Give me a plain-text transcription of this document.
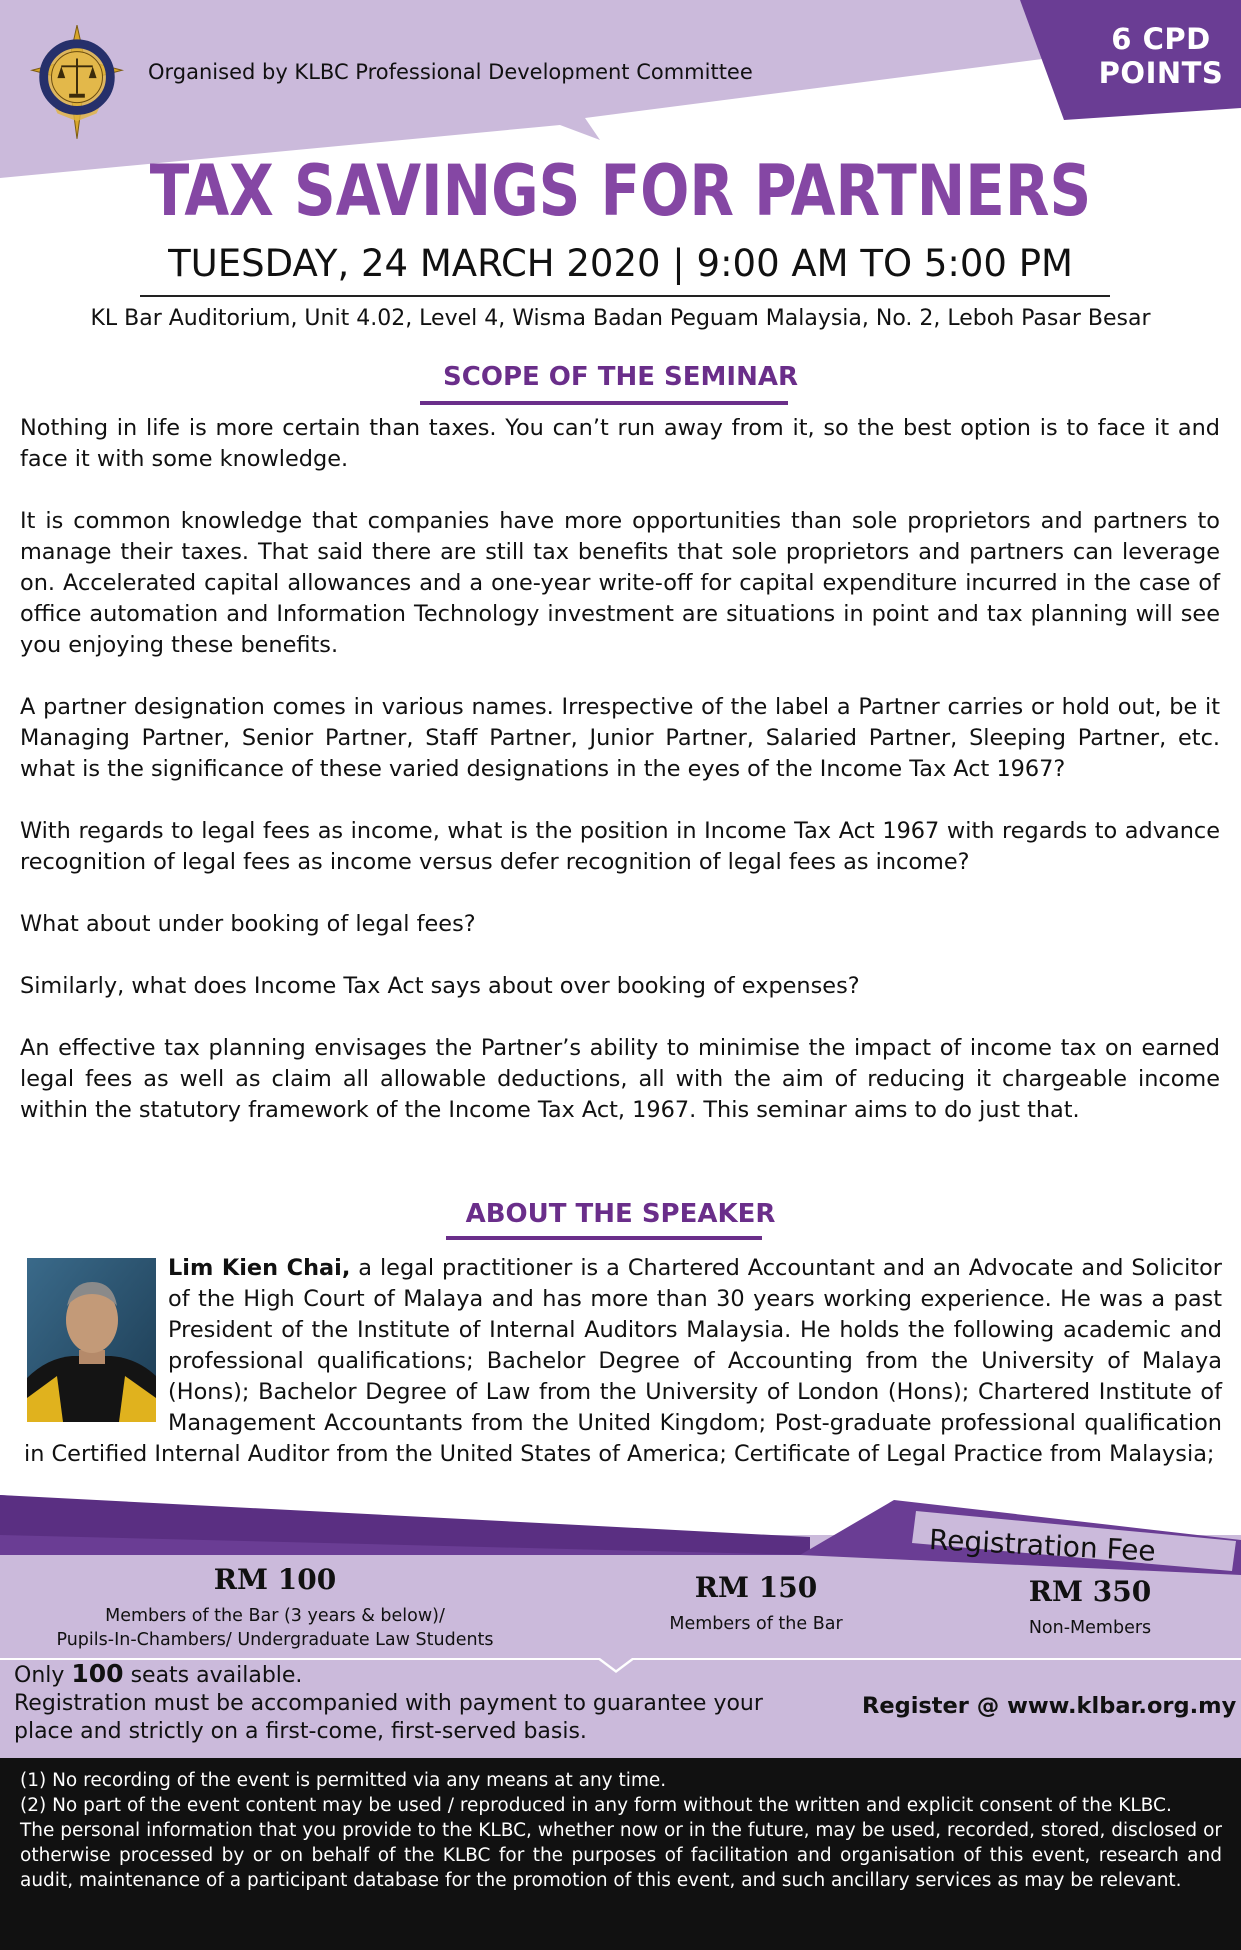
Organised by KLBC Professional Development Committee
6 CPD
POINTS
TAX SAVINGS FOR PARTNERS
TUESDAY, 24 MARCH 2020 | 9:00 AM TO 5:00 PM
KL Bar Auditorium, Unit 4.02, Level 4, Wisma Badan Peguam Malaysia, No. 2, Leboh Pasar Besar
SCOPE OF THE SEMINAR

Nothing in life is more certain than taxes. You can’t run away from it, so the best option is to face it and face it with some knowledge.

It is common knowledge that companies have more opportunities than sole proprietors and partners to manage their taxes. That said there are still tax benefits that sole proprietors and partners can leverage on. Accelerated capital allowances and a one-year write-off for capital expenditure incurred in the case of office automation and Information Technology investment are situations in point and tax planning will see you enjoying these benefits.

A partner designation comes in various names. Irrespective of the label a Partner carries or hold out, be it Managing Partner, Senior Partner, Staff Partner, Junior Partner, Salaried Partner, Sleeping Partner, etc. what is the significance of these varied designations in the eyes of the Income Tax Act 1967?

With regards to legal fees as income, what is the position in Income Tax Act 1967 with regards to advance recognition of legal fees as income versus defer recognition of legal fees as income?

What about under booking of legal fees?

Similarly, what does Income Tax Act says about over booking of expenses?

An effective tax planning envisages the Partner’s ability to minimise the impact of income tax on earned legal fees as well as claim all allowable deductions, all with the aim of reducing it chargeable income within the statutory framework of the Income Tax Act, 1967. This seminar aims to do just that.

ABOUT THE SPEAKER
Lim Kien Chai, a legal practitioner is a Chartered Accountant and an Advocate and Solicitor of the High Court of Malaya and has more than 30 years working experience. He was a past President of the Institute of Internal Auditors Malaysia. He holds the following academic and professional qualifications; Bachelor Degree of Accounting from the University of Malaya (Hons); Bachelor Degree of Law from the University of London (Hons); Chartered Institute of Management Accountants from the United Kingdom; Post-graduate professional qualification in Certified Internal Auditor from the United States of America; Certificate of Legal Practice from Malaysia;
Registration Fee
RM 100
Members of the Bar (3 years & below)/
Pupils-In-Chambers/ Undergraduate Law Students
RM 150
Members of the Bar
RM 350
Non-Members
Only 100 seats available.
Registration must be accompanied with payment to guarantee your place and strictly on a first-come, first-served basis.
Register @ www.klbar.org.my

(1) No recording of the event is permitted via any means at any time.

(2) No part of the event content may be used / reproduced in any form without the written and explicit consent of the KLBC.

The personal information that you provide to the KLBC, whether now or in the future, may be used, recorded, stored, disclosed or otherwise processed by or on behalf of the KLBC for the purposes of facilitation and organisation of this event, research and audit, maintenance of a participant database for the promotion of this event, and such ancillary services as may be relevant.
